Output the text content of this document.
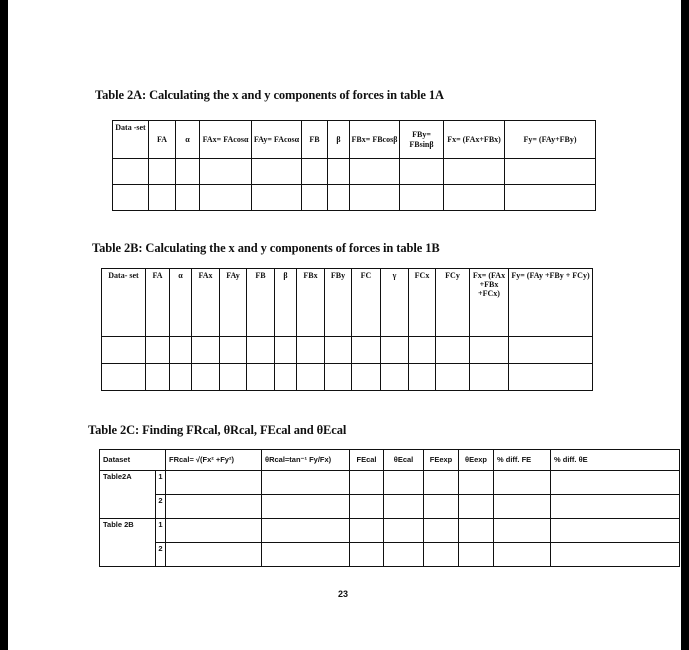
Table 2A: Calculating the x and y components of forces in table 1A
Data -set	FA	α	FAx= FAcosα	FAy= FAcosα	FB	β	FBx= FBcosβ	FBy= FBsinβ	Fx= (FAx+FBx)	Fy= (FAy+FBy)

Table 2B: Calculating the x and y components of forces in table 1B
Data- set	FA	α	FAx	FAy	FB	β	FBx	FBy	FC	γ	FCx	FCy	Fx= (FAx +FBx +FCx)	Fy= (FAy +FBy + FCy)

Table 2C: Finding FRcal, θRcal, FEcal and θEcal
Dataset		FRcal= √(Fx² +Fy²)	θRcal=tan⁻¹ Fy/Fx)	FEcal	θEcal	FEexp	θEexp	% diff. FE	% diff. θE
Table2A	1								
	2								
Table 2B	1								
	2								
23
